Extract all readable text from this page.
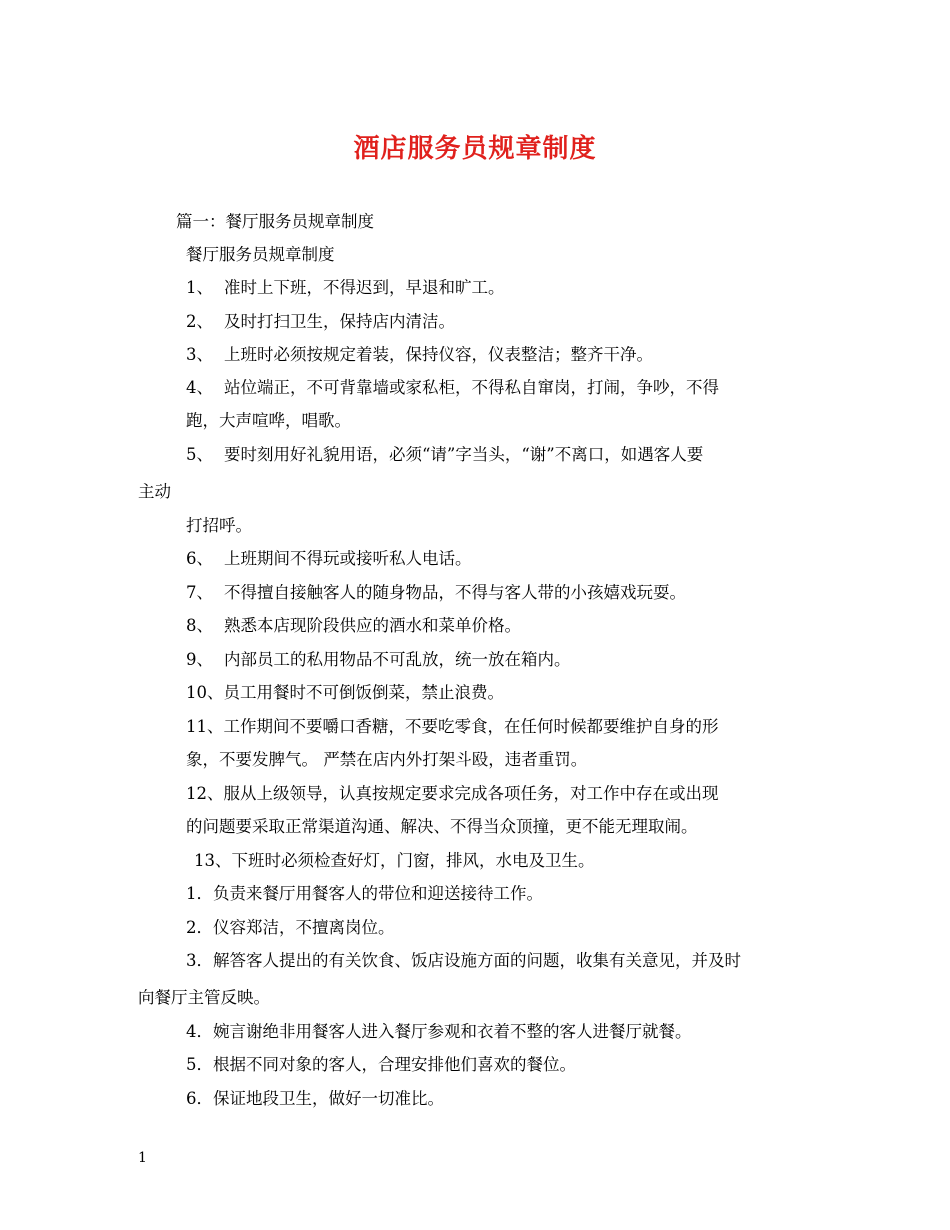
酒店服务员规章制度
篇一：餐厅服务员规章制度
餐厅服务员规章制度
1、 准时上下班，不得迟到，早退和旷工。
2、 及时打扫卫生，保持店内清洁。
3、 上班时必须按规定着装，保持仪容，仪表整洁；整齐干净。
4、 站位端正，不可背靠墙或家私柜，不得私自窜岗，打闹，争吵，不得
跑，大声喧哗，唱歌。
5、 要时刻用好礼貌用语，必须“请”字当头，“谢”不离口，如遇客人要
主动
打招呼。
6、 上班期间不得玩或接听私人电话。
7、 不得擅自接触客人的随身物品，不得与客人带的小孩嬉戏玩耍。
8、 熟悉本店现阶段供应的酒水和菜单价格。
9、 内部员工的私用物品不可乱放，统一放在箱内。
10、员工用餐时不可倒饭倒菜，禁止浪费。
11、工作期间不要嚼口香糖，不要吃零食，在任何时候都要维护自身的形
象，不要发脾气。 严禁在店内外打架斗殴，违者重罚。
12、服从上级领导，认真按规定要求完成各项任务，对工作中存在或出现
的问题要采取正常渠道沟通、解决、不得当众顶撞，更不能无理取闹。
13、下班时必须检查好灯，门窗，排风，水电及卫生。
1．负责来餐厅用餐客人的带位和迎送接待工作。
2．仪容郑洁，不擅离岗位。
3．解答客人提出的有关饮食、饭店设施方面的问题，收集有关意见，并及时
向餐厅主管反映。
4．婉言谢绝非用餐客人进入餐厅参观和衣着不整的客人进餐厅就餐。
5．根据不同对象的客人，合理安排他们喜欢的餐位。
6．保证地段卫生，做好一切准比。
1
